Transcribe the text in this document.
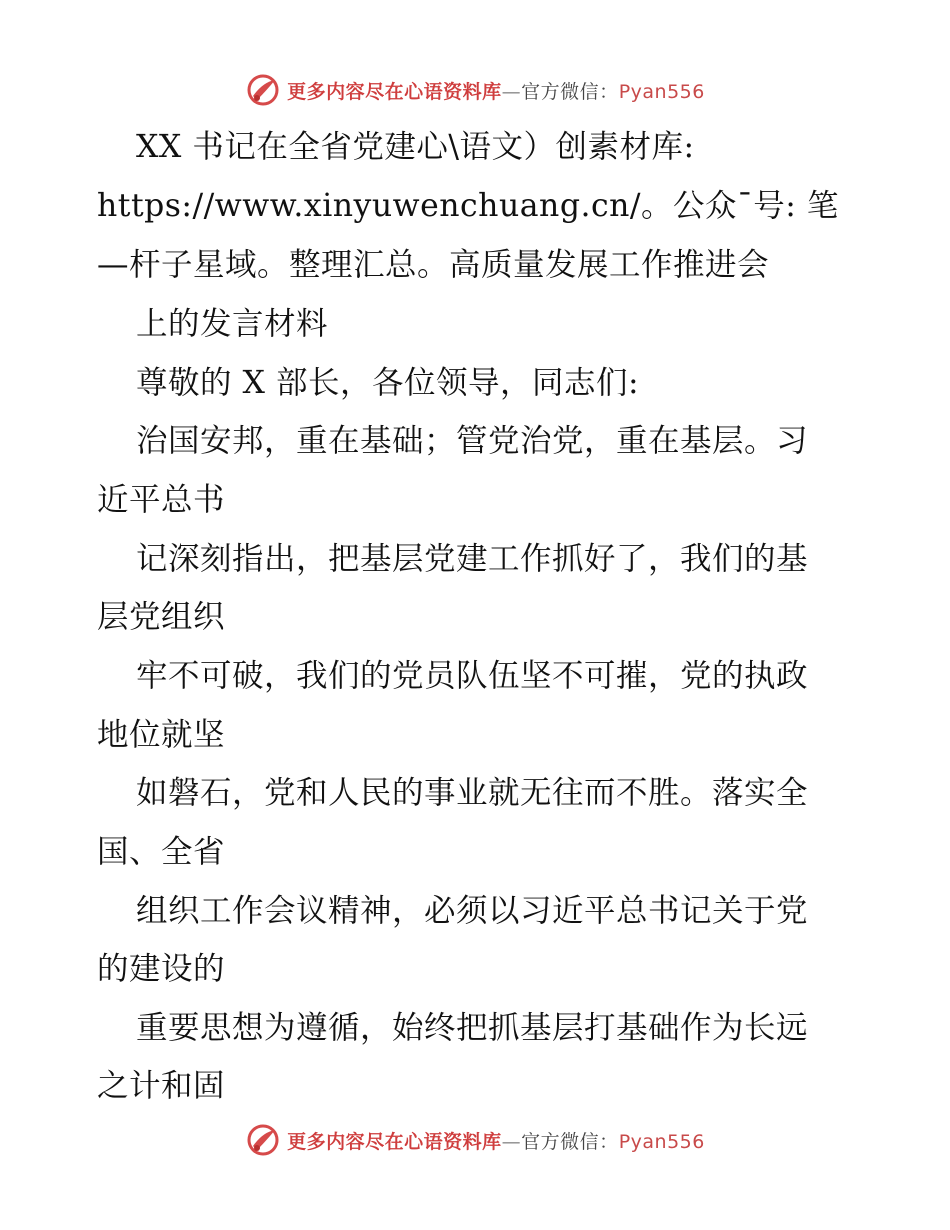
更多内容尽在心语资料库—官方微信：Pyan556
XX 书记在全省党建心\语文）创素材库:
https://www.xinyuwenchuang.cn/。公众¯号: 笔
—杆子星域。整理汇总。高质量发展工作推进会
上的发言材料
尊敬的 X 部长，各位领导，同志们:
治国安邦，重在基础；管党治党，重在基层。习
近平总书
记深刻指出，把基层党建工作抓好了，我们的基
层党组织
牢不可破，我们的党员队伍坚不可摧，党的执政
地位就坚
如磐石，党和人民的事业就无往而不胜。落实全
国、全省
组织工作会议精神，必须以习近平总书记关于党
的建设的
重要思想为遵循，始终把抓基层打基础作为长远
之计和固
更多内容尽在心语资料库—官方微信：Pyan556
